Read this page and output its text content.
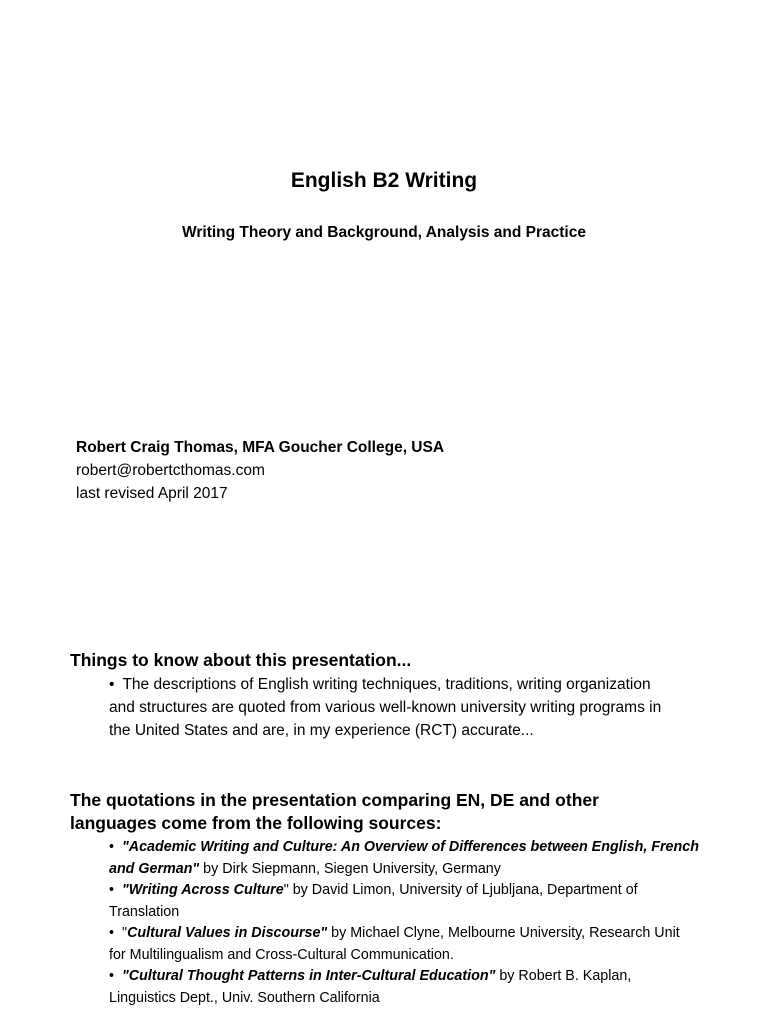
English B2 Writing
Writing Theory and Background, Analysis and Practice
Robert Craig Thomas, MFA Goucher College, USA
robert@robertcthomas.com
last revised April 2017
Things to know about this presentation...
• The descriptions of English writing techniques, traditions, writing organization and structures are quoted from various well-known university writing programs in the United States and are, in my experience (RCT) accurate...
The quotations in the presentation comparing EN, DE and other languages come from the following sources:

• "Academic Writing and Culture: An Overview of Differences between English, French and German" by Dirk Siepmann, Siegen University, Germany

• "Writing Across Culture" by David Limon, University of Ljubljana, Department of Translation

• "Cultural Values in Discourse" by Michael Clyne, Melbourne University, Research Unit for Multilingualism and Cross-Cultural Communication.

• "Cultural Thought Patterns in Inter-Cultural Education" by Robert B. Kaplan, Linguistics Dept., Univ. Southern California
